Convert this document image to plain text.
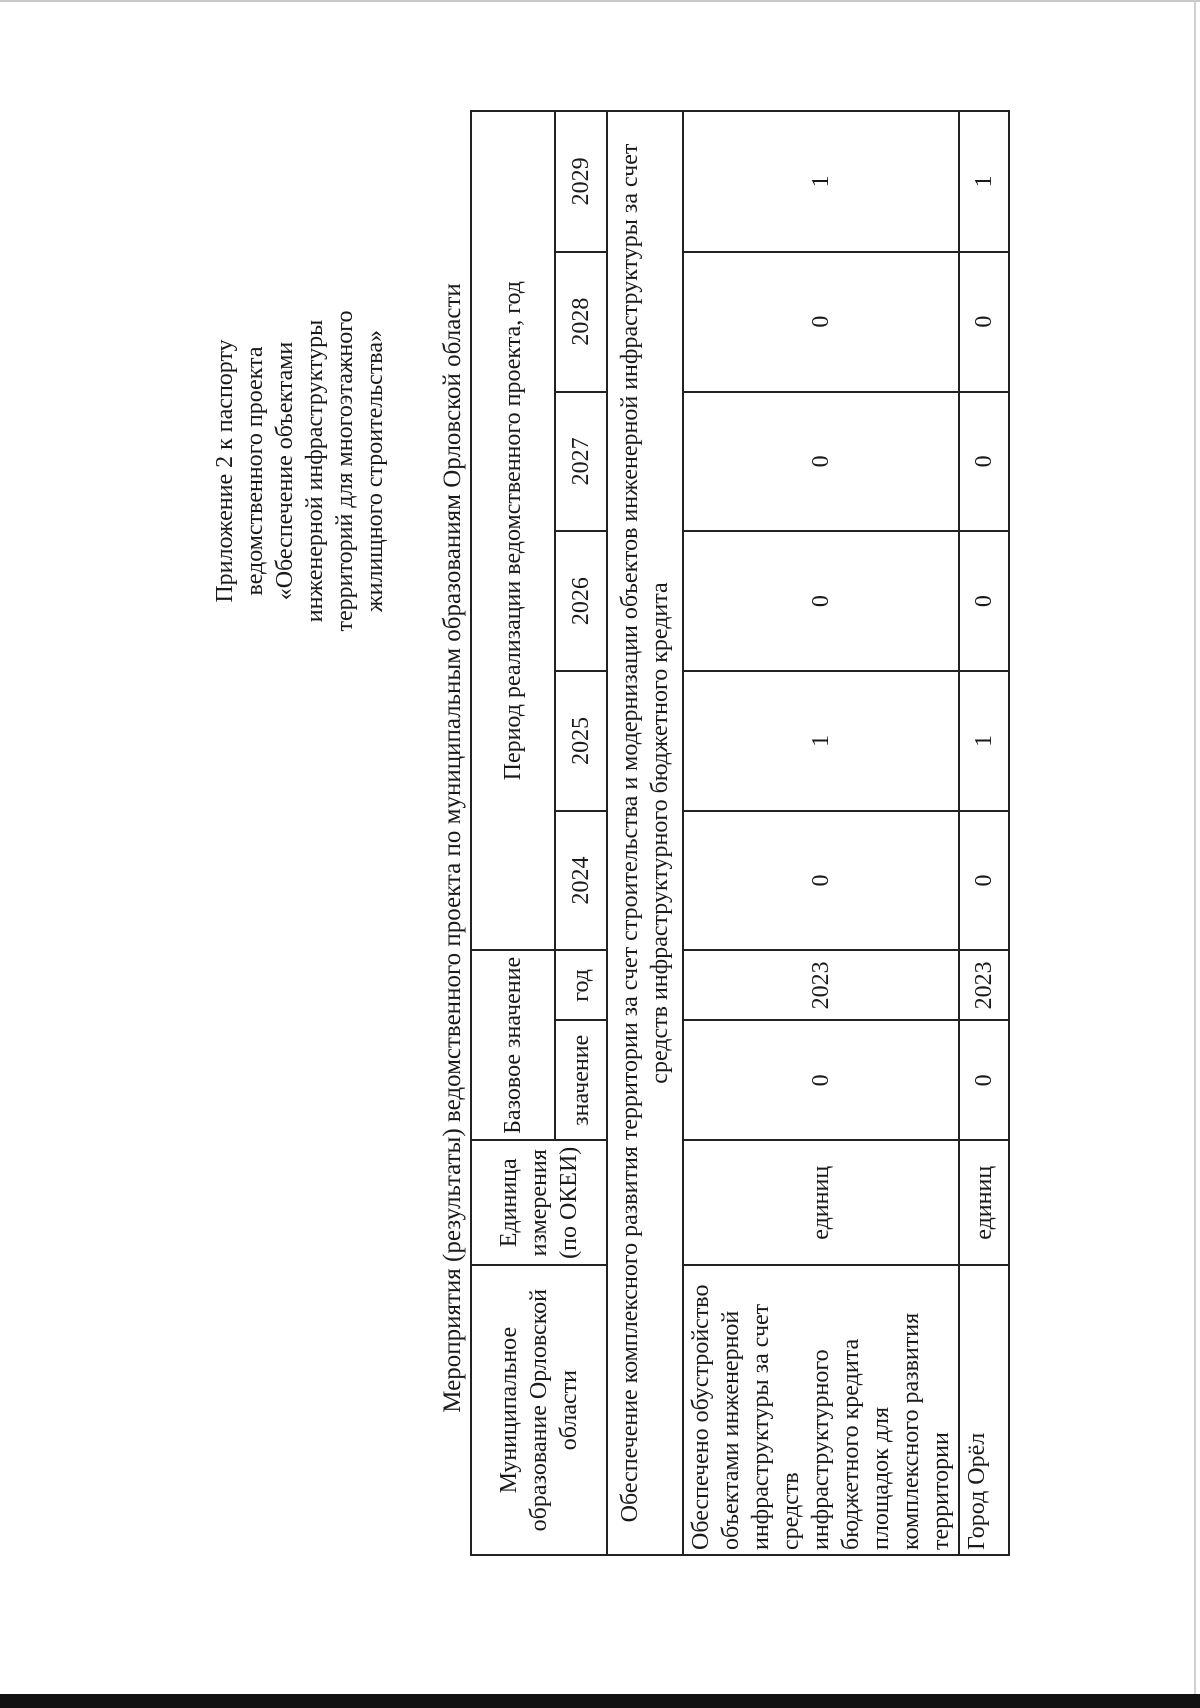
Приложение 2 к паспорту ведомственного проекта «Обеспечение объектами инженерной инфраструктуры территорий для многоэтажного жилищного строительства» Мероприятия (результаты) ведомственного проекта по муниципальным образованиям Орловской области Муниципальное образование Орловской области	Единица измерения (по ОКЕИ)	Базовое значение		Период реализации ведомственного проекта, год					
		значение	год	2024	2025	2026	2027	2028	2029
Обеспечение комплексного развития территории за счет строительства и модернизации объектов инженерной инфраструктуры за счет средств инфраструктурного бюджетного кредита									
Обеспечено обустройство объектами инженерной инфраструктуры за счет средств инфраструктурного бюджетного кредита площадок для комплексного развития территории	единиц	0	2023	0	1	0	0	0	1
Город Орёл	единиц	0	2023	0	1	0	0	0	1
